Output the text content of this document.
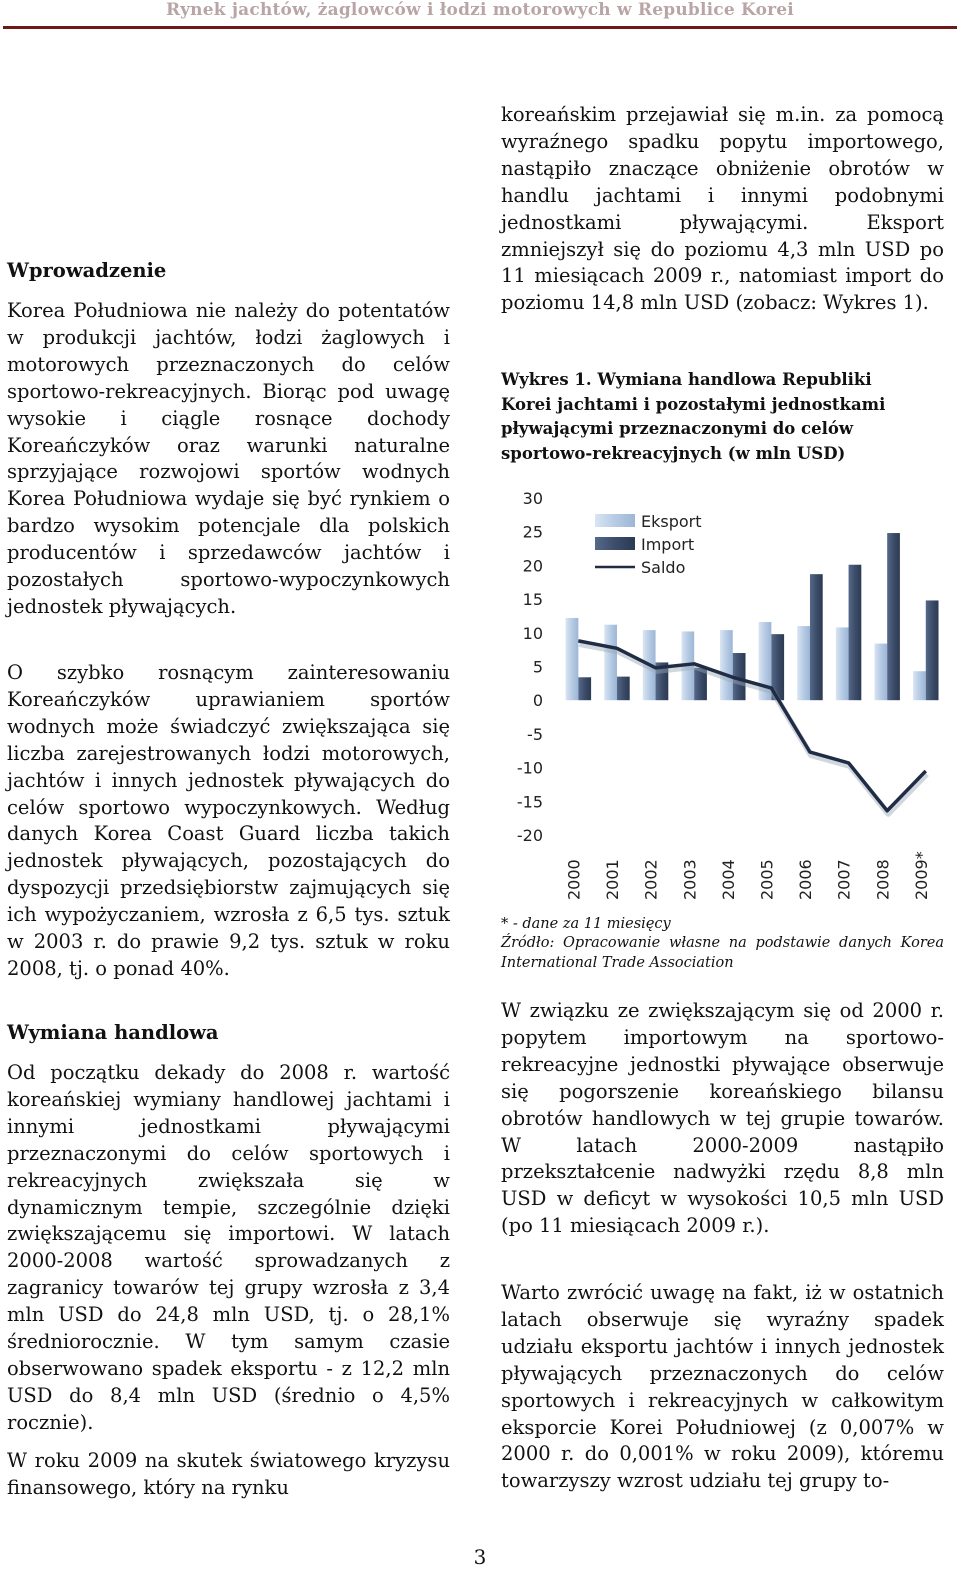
Rynek jachtów, żaglowców i łodzi motorowych w Republice Korei
Wprowadzenie

Korea Południowa nie należy do potentatów w produkcji jachtów, łodzi żaglowych i motorowych przeznaczonych do celów sportowo-rekreacyjnych. Biorąc pod uwagę wysokie i ciągle rosnące dochody Koreańczyków oraz warunki naturalne sprzyjające rozwojowi sportów wodnych Korea Południowa wydaje się być rynkiem o bardzo wysokim potencjale dla polskich producentów i sprzedawców jachtów i pozostałych sportowo-wypoczynkowych jednostek pływających.

O szybko rosnącym zainteresowaniu Koreańczyków uprawianiem sportów wodnych może świadczyć zwiększająca się liczba zarejestrowanych łodzi motorowych, jachtów i innych jednostek pływających do celów sportowo wypoczynkowych. Według danych Korea Coast Guard liczba takich jednostek pływających, pozostających do dyspozycji przedsiębiorstw zajmujących się ich wypożyczaniem, wzrosła z 6,5 tys. sztuk w 2003 r. do prawie 9,2 tys. sztuk w roku 2008, tj. o ponad 40%.

Wymiana handlowa

Od początku dekady do 2008 r. wartość koreańskiej wymiany handlowej jachtami i innymi jednostkami pływającymi przeznaczonymi do celów sportowych i rekreacyjnych zwiększała się w dynamicznym tempie, szczególnie dzięki zwiększającemu się importowi. W latach 2000-2008 wartość sprowadzanych z zagranicy towarów tej grupy wzrosła z 3,4 mln USD do 24,8 mln USD, tj. o 28,1% średniorocznie. W tym samym czasie obserwowano spadek eksportu - z 12,2 mln USD do 8,4 mln USD (średnio o 4,5% rocznie).

W roku 2009 na skutek światowego kryzysu finansowego, który na rynku

koreańskim przejawiał się m.in. za pomocą wyraźnego spadku popytu importowego, nastąpiło znaczące obniżenie obrotów w handlu jachtami i innymi podobnymi jednostkami pływającymi. Eksport zmniejszył się do poziomu 4,3 mln USD po 11 miesiącach 2009 r., natomiast import do poziomu 14,8 mln USD (zobacz: Wykres 1).

Wykres 1. Wymiana handlowa Republiki Korei jachtami i pozostałymi jednostkami pływającymi przeznaczonymi do celów sportowo-rekreacyjnych (w mln USD)
30
25
20
15
10
5
0
-5
-10
-15
-20
2000 2001 2002 2003 2004 2005 2006 2007 2008 2009*
Eksport
Import
Saldo
* - dane za 11 miesięcy
Źródło: Opracowanie własne na podstawie danych Korea International Trade Association

W związku ze zwiększającym się od 2000 r. popytem importowym na sportowo-rekreacyjne jednostki pływające obserwuje się pogorszenie koreańskiego bilansu obrotów handlowych w tej grupie towarów. W latach 2000-2009 nastąpiło przekształcenie nadwyżki rzędu 8,8 mln USD w deficyt w wysokości 10,5 mln USD (po 11 miesiącach 2009 r.).

Warto zwrócić uwagę na fakt, iż w ostatnich latach obserwuje się wyraźny spadek udziału eksportu jachtów i innych jednostek pływających przeznaczonych do celów sportowych i rekreacyjnych w całkowitym eksporcie Korei Południowej (z 0,007% w 2000 r. do 0,001% w roku 2009), któremu towarzyszy wzrost udziału tej grupy to-

3
